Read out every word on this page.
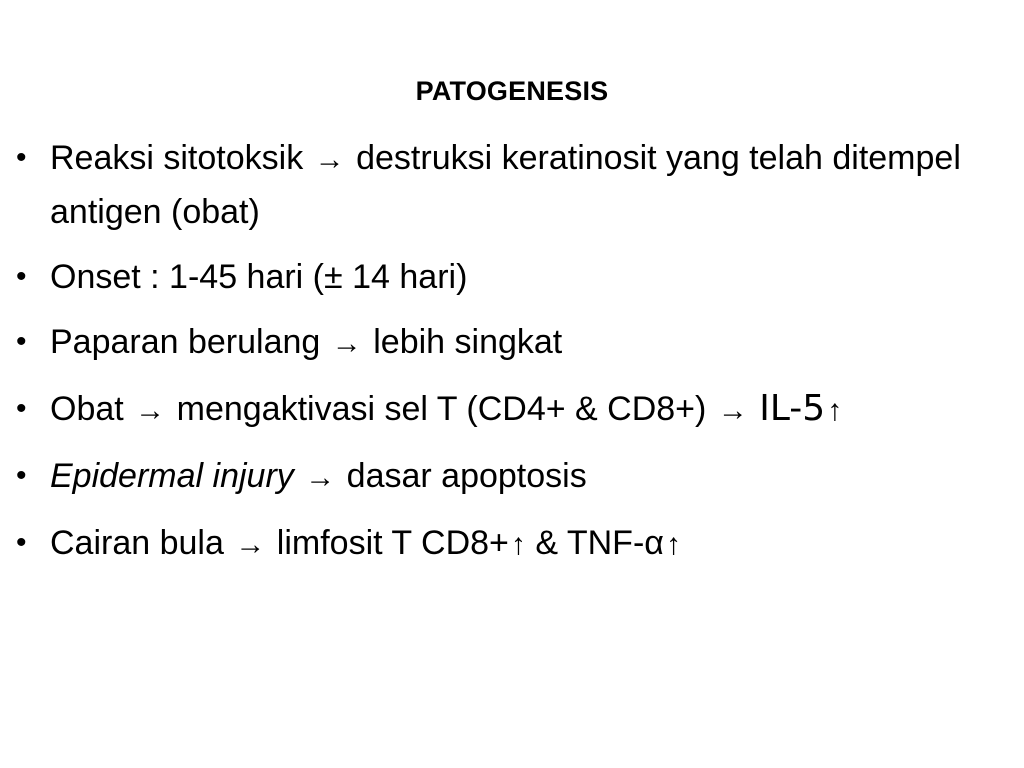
PATOGENESIS
• Reaksi sitotoksik → destruksi keratinosit yang telah ditempel antigen (obat)
• Onset : 1-45 hari (± 14 hari)
• Paparan berulang → lebih singkat
• Obat → mengaktivasi sel T (CD4+ & CD8+) → IL-5↑
• Epidermal injury → dasar apoptosis
• Cairan bula → limfosit T CD8+↑ & TNF-α↑
